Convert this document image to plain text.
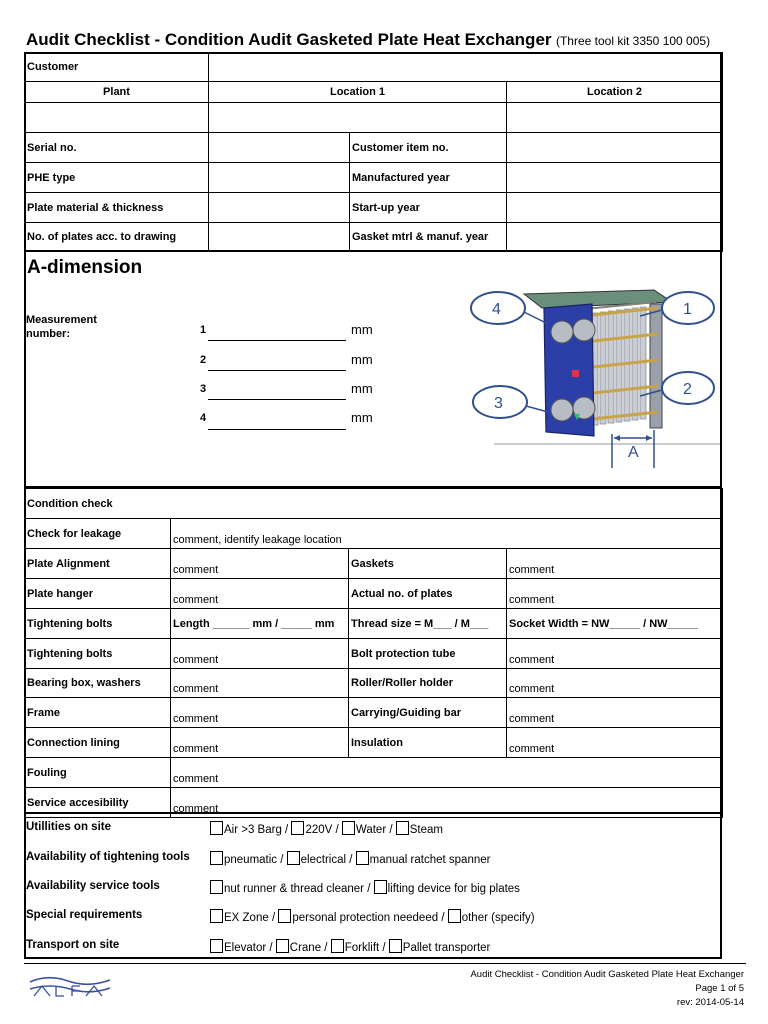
Audit Checklist - Condition Audit Gasketed Plate Heat Exchanger (Three tool kit 3350 100 005)
Customer			
Plant	Location 1		Location 2

Serial no.		Customer item no.	
PHE type		Manufactured year	
Plate material & thickness		Start-up year	
No. of plates acc. to drawing		Gasket mtrl & manuf. year	
A-dimension
Measurement number:	1	mm
2	mm
3	mm
4	mm
A
4	1
3
2
Condition check			
Check for leakage	comment, identify leakage location		
Plate Alignment	comment	Gaskets	comment
Plate hanger	comment	Actual no. of plates	comment
Tightening bolts	Length ______ mm / _____ mm	Thread size = M___ / M___	Socket Width = NW_____ / NW_____
Tightening bolts	comment	Bolt protection tube	comment
Bearing box, washers	comment	Roller/Roller holder	comment
Frame	comment	Carrying/Guiding bar	comment
Connection lining	comment	Insulation	comment
Fouling	comment		
Service accesibility	comment		
Utillities on site	Air >3 Barg / 220V / Water / Steam
Availability of tightening tools	pneumatic / electrical / manual ratchet spanner
Availability service tools	nut runner & thread cleaner / lifting device for big plates
Special requirements	EX Zone / personal protection needeed / other (specify)
Transport on site	Elevator / Crane / Forklift / Pallet transporter
Audit Checklist - Condition Audit Gasketed Plate Heat Exchanger
Page 1 of 5
rev: 2014-05-14
